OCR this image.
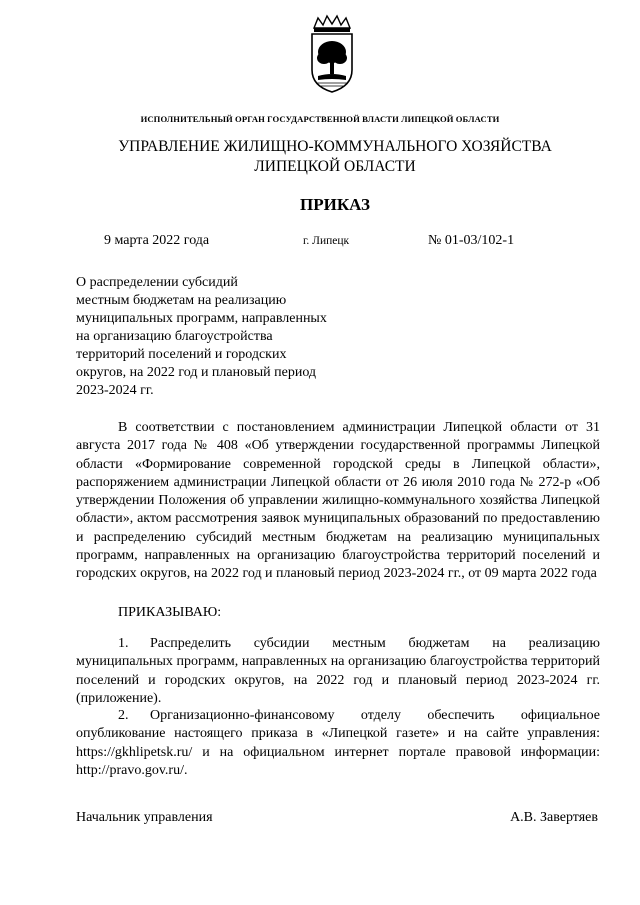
ИСПОЛНИТЕЛЬНЫЙ ОРГАН ГОСУДАРСТВЕННОЙ ВЛАСТИ ЛИПЕЦКОЙ ОБЛАСТИ
УПРАВЛЕНИЕ ЖИЛИЩНО-КОММУНАЛЬНОГО ХОЗЯЙСТВА
ЛИПЕЦКОЙ ОБЛАСТИ
ПРИКАЗ
9 марта 2022 года	г. Липецк	№ 01-03/102-1
О распределении субсидий
местным бюджетам на реализацию
муниципальных программ, направленных
на организацию благоустройства
территорий поселений и городских
округов, на 2022 год и плановый период
2023-2024 гг.
В соответствии с постановлением администрации Липецкой области от 31 августа 2017 года № 408 «Об утверждении государственной программы Липецкой области «Формирование современной городской среды в Липецкой области», распоряжением администрации Липецкой области от 26 июля 2010 года № 272-р «Об утверждении Положения об управлении жилищно-коммунального хозяйства Липецкой области», актом рассмотрения заявок муниципальных образований по предоставлению и распределению субсидий местным бюджетам на реализацию муниципальных программ, направленных на организацию благоустройства территорий поселений и городских округов, на 2022 год и плановый период 2023-2024 гг., от 09 марта 2022 года
ПРИКАЗЫВАЮ:
1. Распределить субсидии местным бюджетам на реализацию муниципальных программ, направленных на организацию благоустройства территорий поселений и городских округов, на 2022 год и плановый период 2023-2024 гг. (приложение).
2. Организационно-финансовому отделу обеспечить официальное опубликование настоящего приказа в «Липецкой газете» и на сайте управления: https://gkhlipetsk.ru/ и на официальном интернет портале правовой информации: http://pravo.gov.ru/.
Начальник управления	А.В. Завертяев
